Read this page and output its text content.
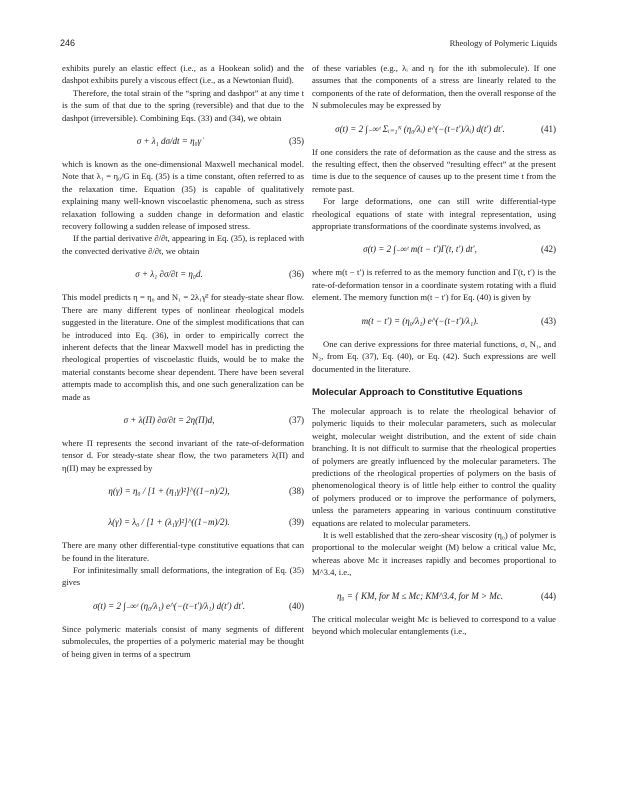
246	Rheology of Polymeric Liquids

exhibits purely an elastic effect (i.e., as a Hookean solid) and the dashpot exhibits purely a viscous effect (i.e., as a Newtonian fluid).

Therefore, the total strain of the “spring and dashpot” at any time t is the sum of that due to the spring (reversible) and that due to the dashpot (irreversible). Combining Eqs. (33) and (34), we obtain

σ + λ₁ dσ/dt = η₀γ̇	(35)

which is known as the one-dimensional Maxwell mechanical model. Note that λ₁ = η₀/G in Eq. (35) is a time constant, often referred to as the relaxation time. Equation (35) is capable of qualitatively explaining many well-known viscoelastic phenomena, such as stress relaxation following a sudden change in deformation and elastic recovery following a sudden release of imposed stress.

If the partial derivative ∂/∂t, appearing in Eq. (35), is replaced with the convected derivative ∂/∂t, we obtain

σ + λ₁ ∂σ/∂t = η₀d.	(36)

This model predicts η = η₀ and N₁ = 2λ₁γ̇² for steady-state shear flow. There are many different types of nonlinear rheological models suggested in the literature. One of the simplest modifications that can be introduced into Eq. (36), in order to empirically correct the inherent defects that the linear Maxwell model has in predicting the rheological properties of viscoelastic fluids, would be to make the material constants become shear dependent. There have been several attempts made to accomplish this, and one such generalization can be made as

σ + λ(Π) ∂σ/∂t = 2η(Π)d,	(37)

where Π represents the second invariant of the rate-of-deformation tensor d. For steady-state shear flow, the two parameters λ(Π) and η(Π) may be expressed by

η(γ̇) = η₀ / [1 + (η₁γ̇)²]^((1−n)/2),	(38)
λ(γ̇) = λ₀ / [1 + (λ₁γ̇)²]^((1−m)/2).	(39)

There are many other differential-type constitutive equations that can be found in the literature.

For infinitesimally small deformations, the integration of Eq. (35) gives

σ(t) = 2 ∫₋∞ᵗ (η₀/λ₁) e^(−(t−t′)/λ₁) d(t′) dt′.	(40)

Since polymeric materials consist of many segments of different submolecules, the properties of a polymeric material may be thought of being given in terms of a spectrum

of these variables (e.g., λᵢ and ηᵢ for the ith submolecule). If one assumes that the components of a stress are linearly related to the components of the rate of deformation, then the overall response of the N submolecules may be expressed by

σ(t) = 2 ∫₋∞ᵗ Σᵢ₌₁ᴺ (η₀/λᵢ) e^(−(t−t′)/λᵢ) d(t′) dt′.	(41)

If one considers the rate of deformation as the cause and the stress as the resulting effect, then the observed “resulting effect” at the present time is due to the sequence of causes up to the present time t from the remote past.

For large deformations, one can still write differential-type rheological equations of state with integral representation, using appropriate transformations of the coordinate systems involved, as

σ(t) = 2 ∫₋∞ᵗ m(t − t′)Γ(t, t′) dt′,	(42)

where m(t − t′) is referred to as the memory function and Γ(t, t′) is the rate-of-deformation tensor in a coordinate system rotating with a fluid element. The memory function m(t − t′) for Eq. (40) is given by

m(t − t′) = (η₀/λ₁) e^(−(t−t′)/λ₁).	(43)

One can derive expressions for three material functions, σ, N₁, and N₂, from Eq. (37), Eq. (40), or Eq. (42). Such expressions are well documented in the literature.

Molecular Approach to Constitutive Equations

The molecular approach is to relate the rheological behavior of polymeric liquids to their molecular parameters, such as molecular weight, molecular weight distribution, and the extent of side chain branching. It is not difficult to surmise that the rheological properties of polymers are greatly influenced by the molecular parameters. The predictions of the rheological properties of polymers on the basis of phenomenological theory is of little help either to control the quality of polymers produced or to improve the performance of polymers, unless the parameters appearing in various continuum constitutive equations are related to molecular parameters.

It is well established that the zero-shear viscosity (η₀) of polymer is proportional to the molecular weight (M) below a critical value Mc, whereas above Mc it increases rapidly and becomes proportional to M^3.4, i.e.,

η₀ = { KM, for M ≤ Mc; KM^3.4, for M > Mc.	(44)

The critical molecular weight Mc is believed to correspond to a value beyond which molecular entanglements (i.e.,
